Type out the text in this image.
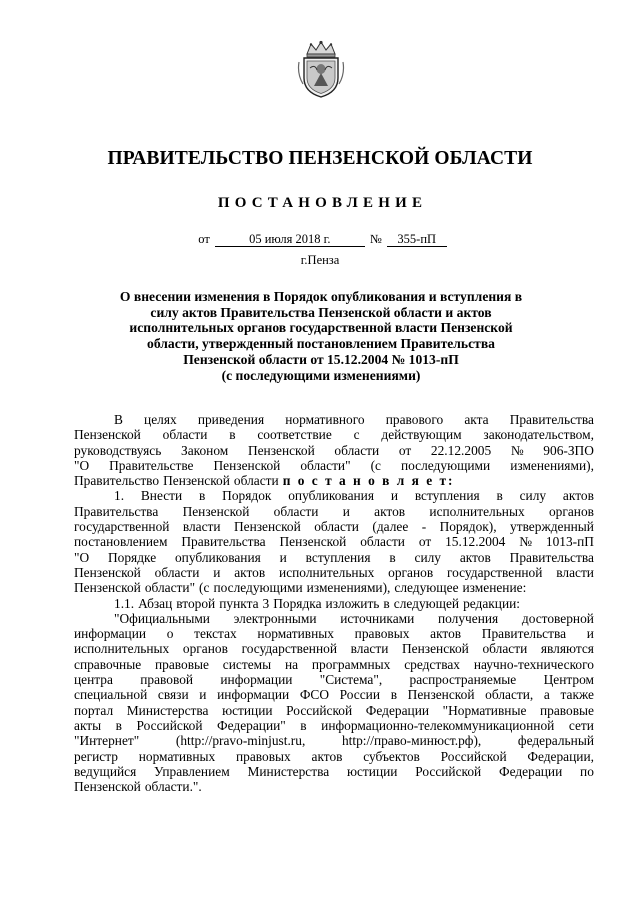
ПРАВИТЕЛЬСТВО ПЕНЗЕНСКОЙ ОБЛАСТИ
ПОСТАНОВЛЕНИЕ
от	05 июля 2018 г.	№ 355-пП
г.Пенза
О внесении изменения в Порядок опубликования и вступления в
силу актов Правительства Пензенской области и актов
исполнительных органов государственной власти Пензенской
области, утвержденный постановлением Правительства
Пензенской области от 15.12.2004 № 1013-пП
(с последующими изменениями)
В целях приведения нормативного правового акта Правительства
Пензенской области в соответствие с действующим законодательством,
руководствуясь Законом Пензенской области от 22.12.2005 № 906-ЗПО
"О Правительстве Пензенской области" (с последующими изменениями),
Правительство Пензенской области п о с т а н о в л я е т:
1. Внести в Порядок опубликования и вступления в силу актов
Правительства Пензенской области и актов исполнительных органов
государственной власти Пензенской области (далее - Порядок), утвержденный
постановлением Правительства Пензенской области от 15.12.2004 № 1013-пП
"О Порядке опубликования и вступления в силу актов Правительства
Пензенской области и актов исполнительных органов государственной власти
Пензенской области" (с последующими изменениями), следующее изменение:
1.1. Абзац второй пункта 3 Порядка изложить в следующей редакции:
"Официальными электронными источниками получения достоверной
информации о текстах нормативных правовых актов Правительства и
исполнительных органов государственной власти Пензенской области являются
справочные правовые системы на программных средствах научно-технического
центра правовой информации "Система", распространяемые Центром
специальной связи и информации ФСО России в Пензенской области, а также
портал Министерства юстиции Российской Федерации "Нормативные правовые
акты в Российской Федерации" в информационно-телекоммуникационной сети
"Интернет"	(http://pravo-minjust.ru,	http://право-минюст.рф),	федеральный
регистр нормативных правовых актов субъектов Российской Федерации,
ведущийся Управлением Министерства юстиции Российской Федерации по
Пензенской области.".
